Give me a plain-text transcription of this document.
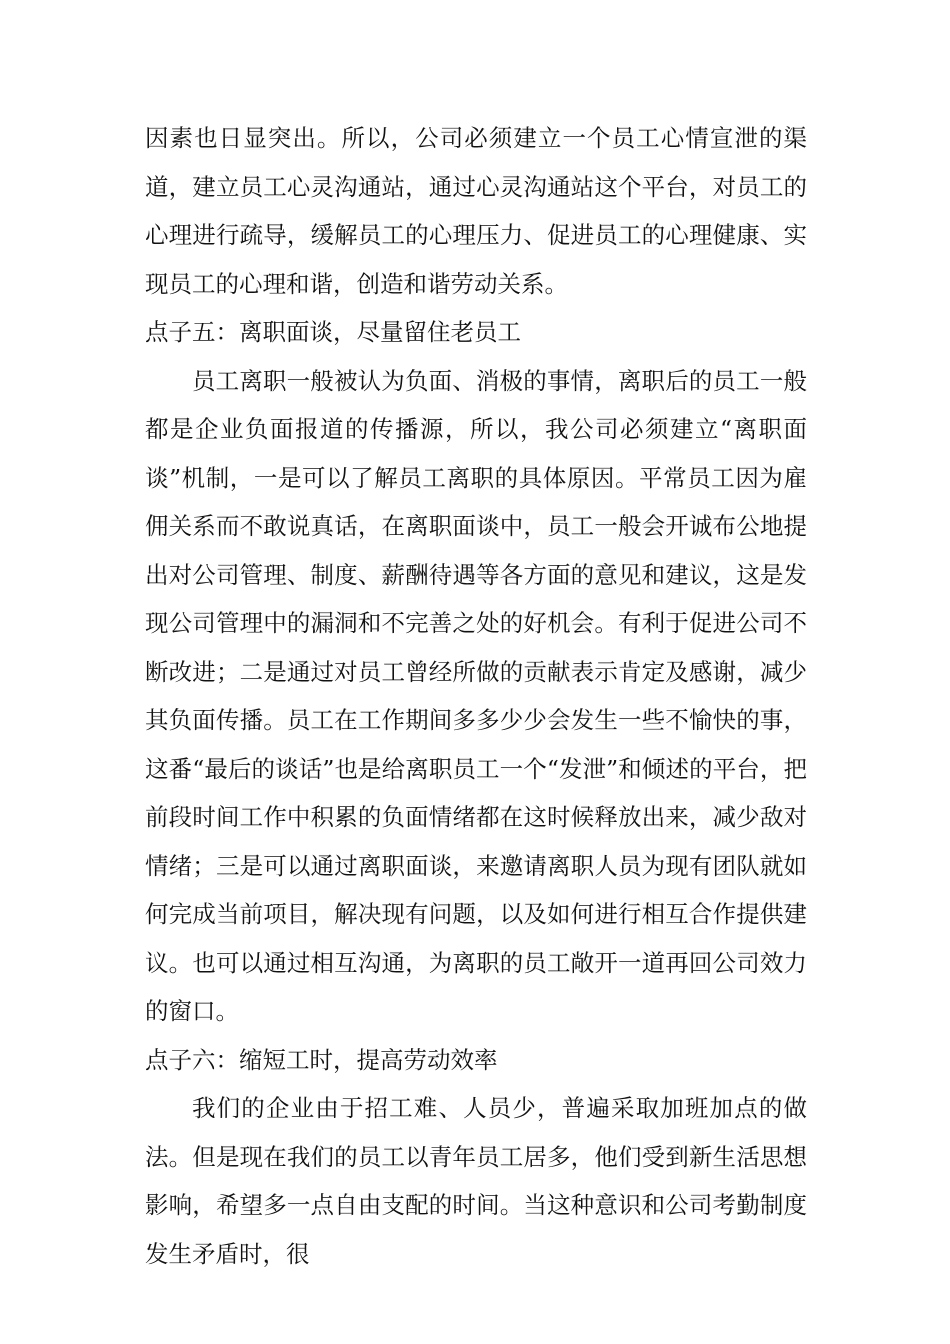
因素也日显突出。所以，公司必须建立一个员工心情宣泄的渠道，建立员工心灵沟通站，通过心灵沟通站这个平台，对员工的心理进行疏导，缓解员工的心理压力、促进员工的心理健康、实现员工的心理和谐，创造和谐劳动关系。

点子五：离职面谈，尽量留住老员工

员工离职一般被认为负面、消极的事情，离职后的员工一般都是企业负面报道的传播源，所以，我公司必须建立“离职面谈”机制，一是可以了解员工离职的具体原因。平常员工因为雇佣关系而不敢说真话，在离职面谈中，员工一般会开诚布公地提出对公司管理、制度、薪酬待遇等各方面的意见和建议，这是发现公司管理中的漏洞和不完善之处的好机会。有利于促进公司不断改进；二是通过对员工曾经所做的贡献表示肯定及感谢，减少其负面传播。员工在工作期间多多少少会发生一些不愉快的事，这番“最后的谈话”也是给离职员工一个“发泄”和倾述的平台，把前段时间工作中积累的负面情绪都在这时候释放出来，减少敌对情绪；三是可以通过离职面谈，来邀请离职人员为现有团队就如何完成当前项目，解决现有问题，以及如何进行相互合作提供建议。也可以通过相互沟通，为离职的员工敞开一道再回公司效力的窗口。

点子六：缩短工时，提高劳动效率

我们的企业由于招工难、人员少，普遍采取加班加点的做法。但是现在我们的员工以青年员工居多，他们受到新生活思想影响，希望多一点自由支配的时间。当这种意识和公司考勤制度发生矛盾时，很
